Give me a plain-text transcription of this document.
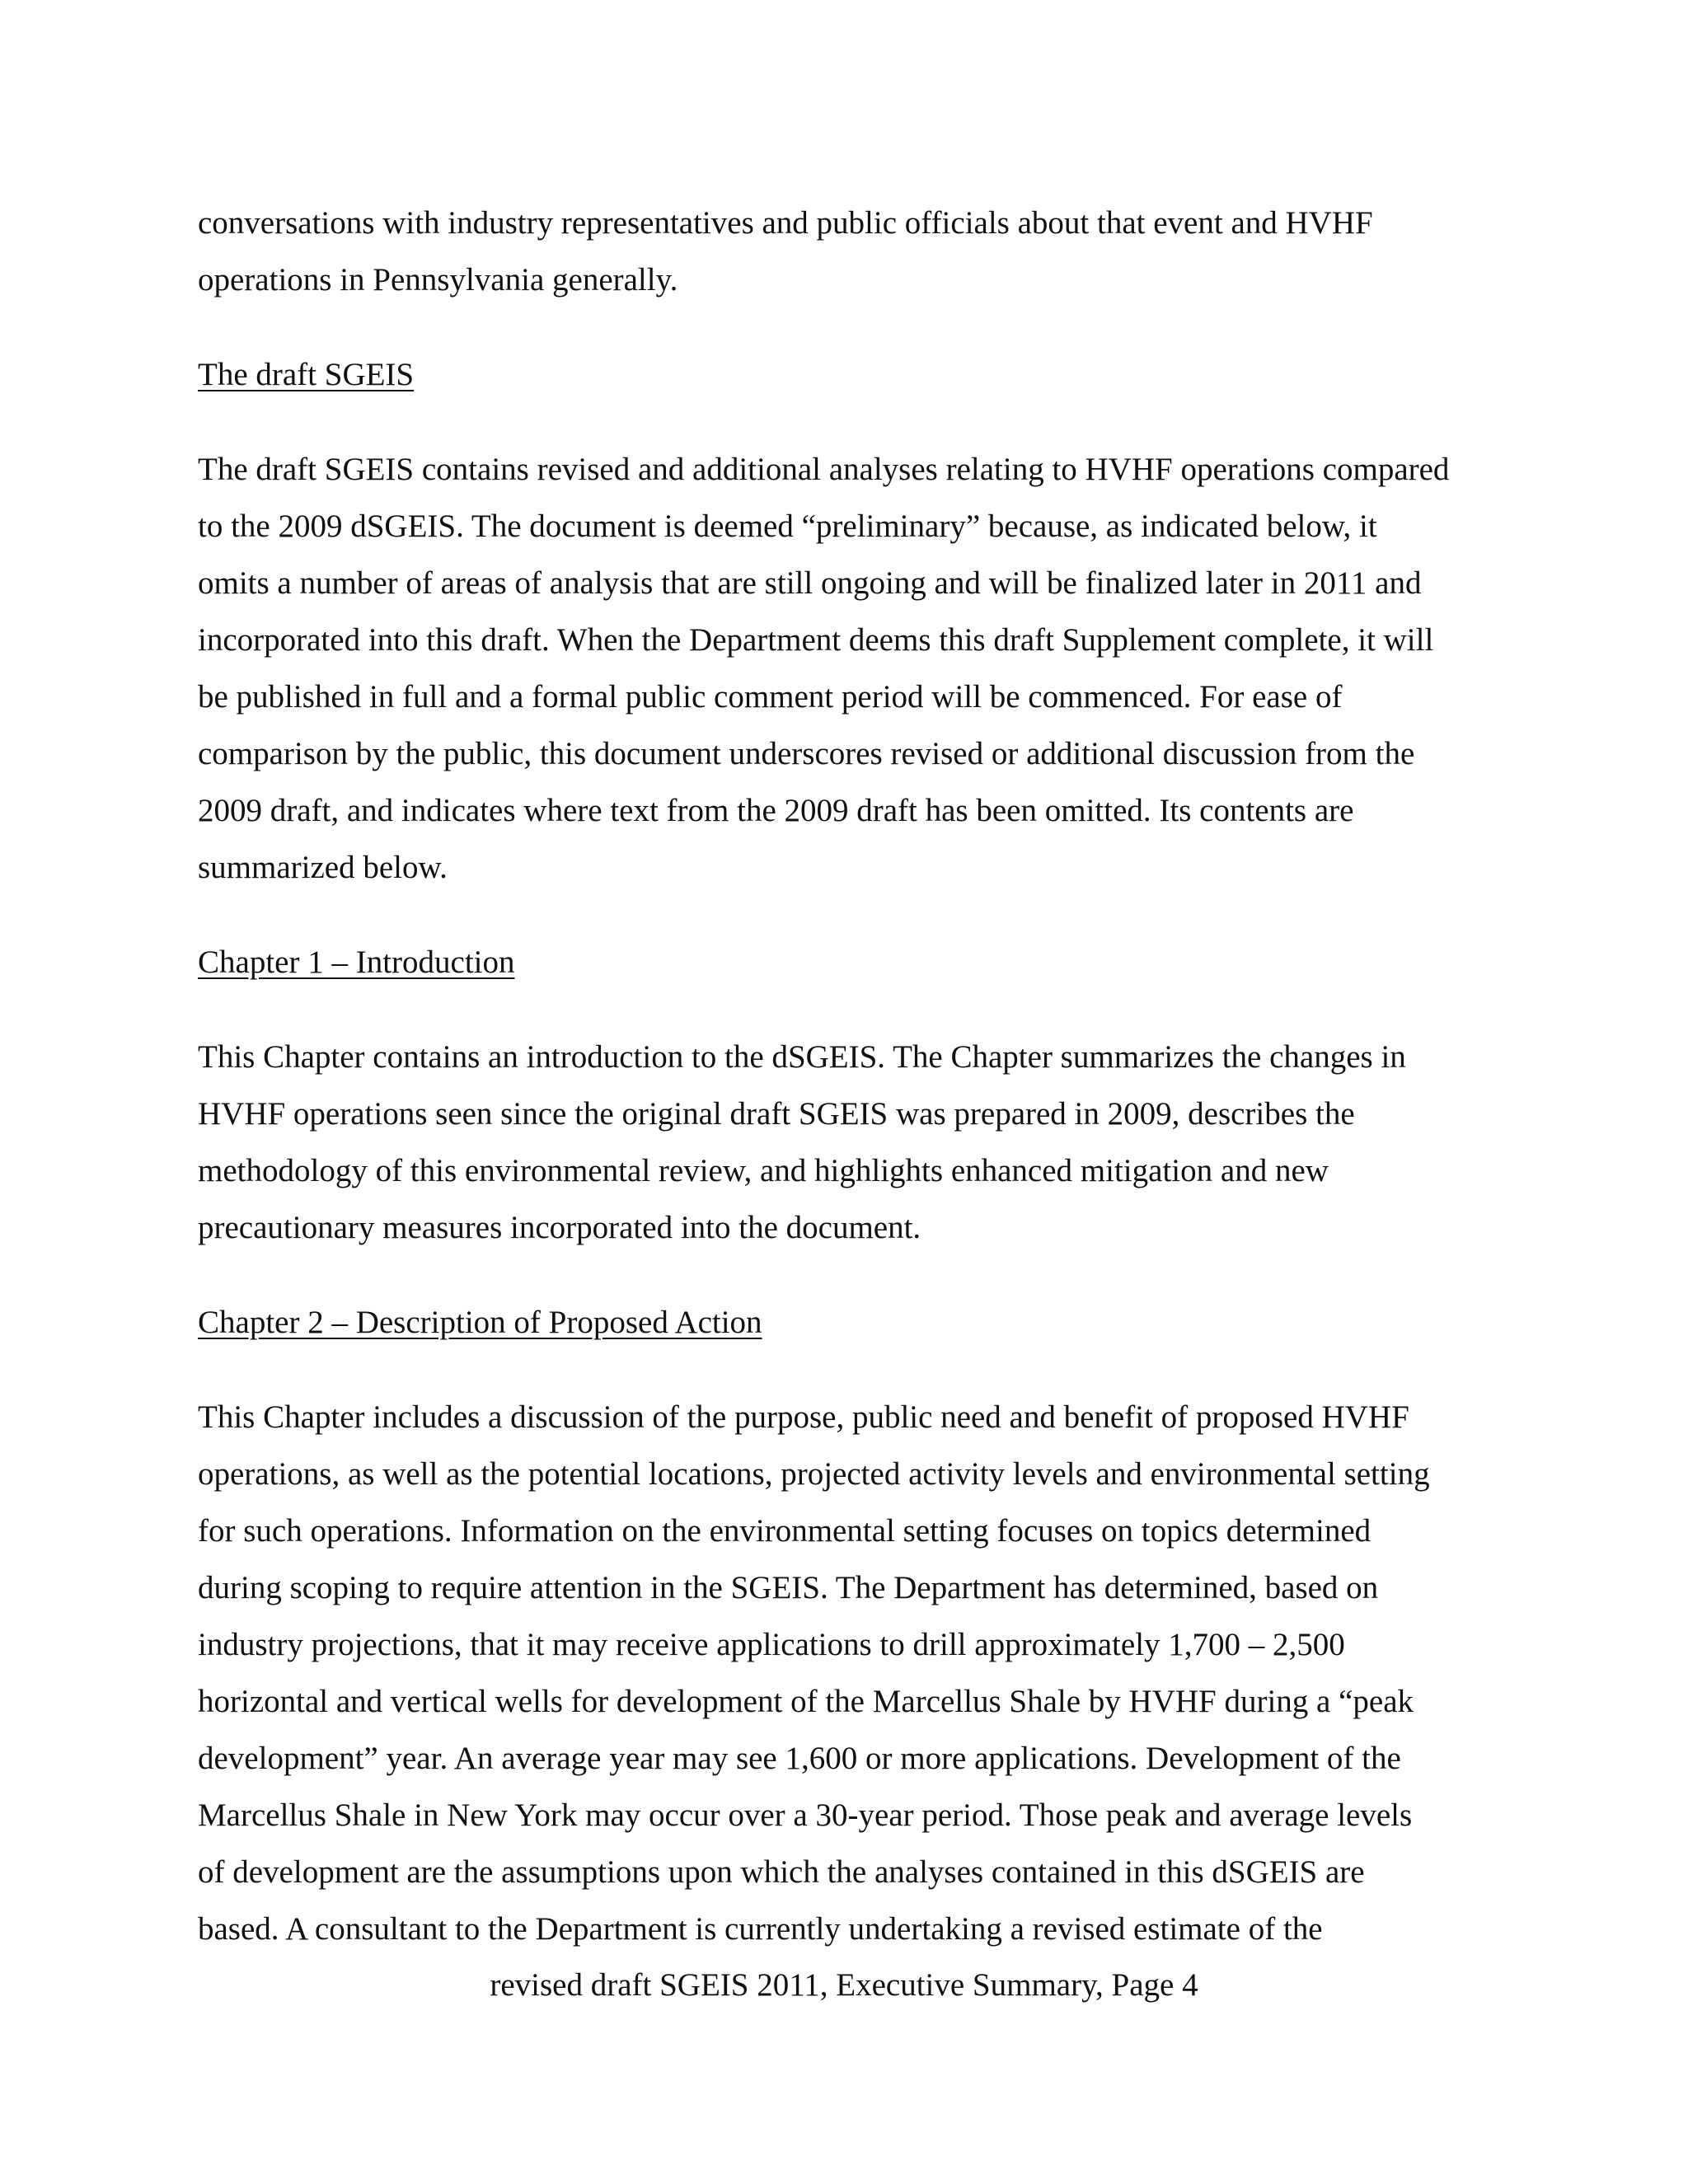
conversations with industry representatives and public officials about that event and HVHF
operations in Pennsylvania generally.

The draft SGEIS

The draft SGEIS contains revised and additional analyses relating to HVHF operations compared
to the 2009 dSGEIS. The document is deemed “preliminary” because, as indicated below, it
omits a number of areas of analysis that are still ongoing and will be finalized later in 2011 and
incorporated into this draft. When the Department deems this draft Supplement complete, it will
be published in full and a formal public comment period will be commenced. For ease of
comparison by the public, this document underscores revised or additional discussion from the
2009 draft, and indicates where text from the 2009 draft has been omitted. Its contents are
summarized below.

Chapter 1 – Introduction

This Chapter contains an introduction to the dSGEIS. The Chapter summarizes the changes in
HVHF operations seen since the original draft SGEIS was prepared in 2009, describes the
methodology of this environmental review, and highlights enhanced mitigation and new
precautionary measures incorporated into the document.

Chapter 2 – Description of Proposed Action

This Chapter includes a discussion of the purpose, public need and benefit of proposed HVHF
operations, as well as the potential locations, projected activity levels and environmental setting
for such operations. Information on the environmental setting focuses on topics determined
during scoping to require attention in the SGEIS. The Department has determined, based on
industry projections, that it may receive applications to drill approximately 1,700 – 2,500
horizontal and vertical wells for development of the Marcellus Shale by HVHF during a “peak
development” year. An average year may see 1,600 or more applications. Development of the
Marcellus Shale in New York may occur over a 30-year period. Those peak and average levels
of development are the assumptions upon which the analyses contained in this dSGEIS are
based. A consultant to the Department is currently undertaking a revised estimate of the

revised draft SGEIS 2011, Executive Summary, Page 4
